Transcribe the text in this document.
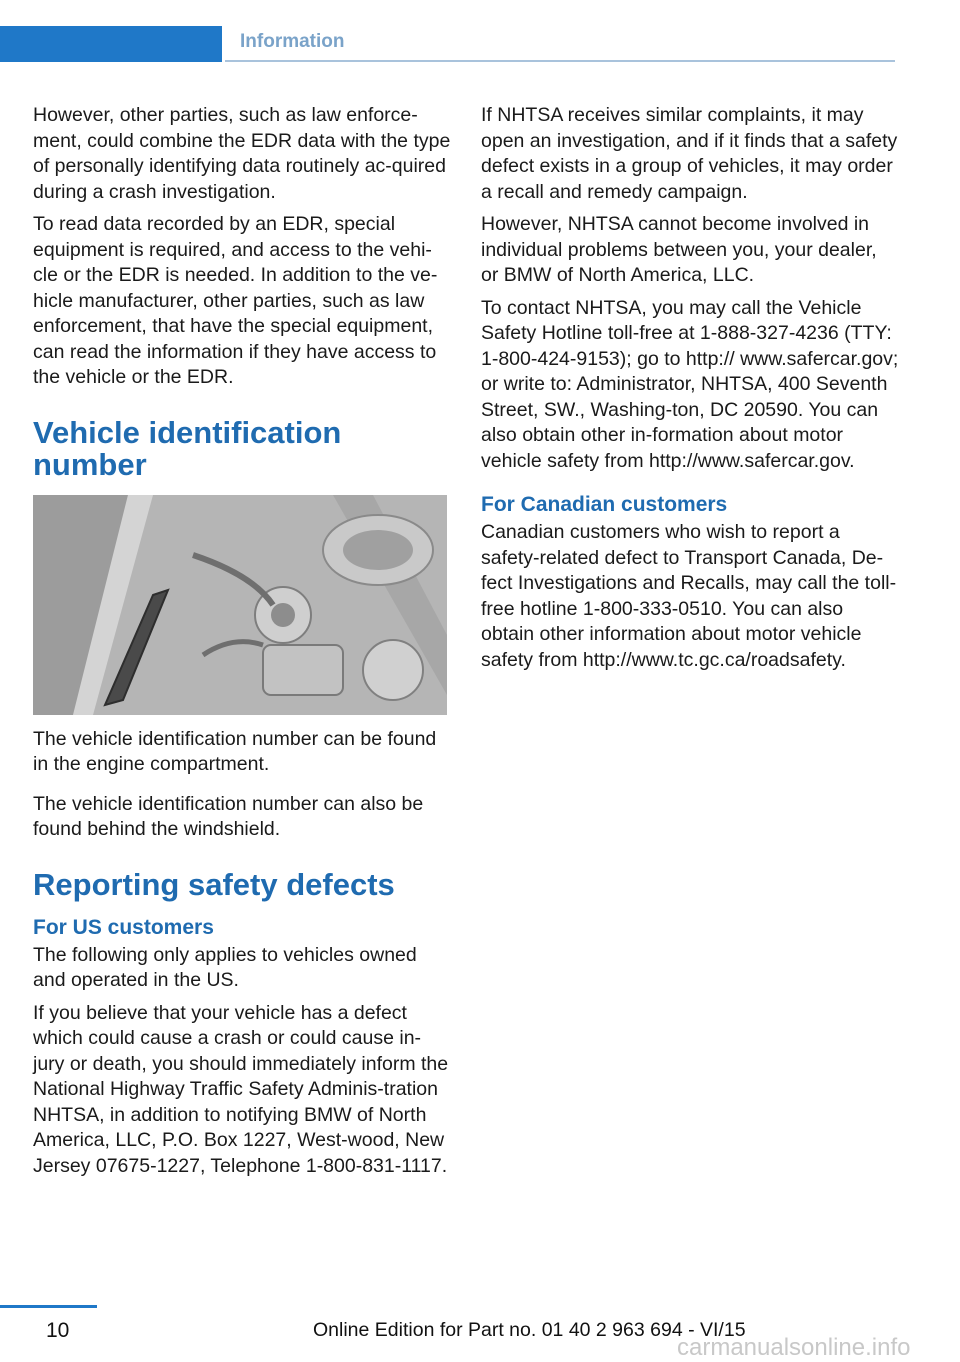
Information

However, other parties, such as law enforce-ment, could combine the EDR data with the type of personally identifying data routinely ac-quired during a crash investigation.

To read data recorded by an EDR, special equipment is required, and access to the vehi-cle or the EDR is needed. In addition to the ve-hicle manufacturer, other parties, such as law enforcement, that have the special equipment, can read the information if they have access to the vehicle or the EDR.

Vehicle identification number

The vehicle identification number can be found in the engine compartment.

The vehicle identification number can also be found behind the windshield.

Reporting safety defects
For US customers

The following only applies to vehicles owned and operated in the US.

If you believe that your vehicle has a defect which could cause a crash or could cause in-jury or death, you should immediately inform the National Highway Traffic Safety Adminis-tration NHTSA, in addition to notifying BMW of North America, LLC, P.O. Box 1227, West-wood, New Jersey 07675-1227, Telephone 1-800-831-1117.

If NHTSA receives similar complaints, it may open an investigation, and if it finds that a safety defect exists in a group of vehicles, it may order a recall and remedy campaign.

However, NHTSA cannot become involved in individual problems between you, your dealer, or BMW of North America, LLC.

To contact NHTSA, you may call the Vehicle Safety Hotline toll-free at 1-888-327-4236 (TTY: 1-800-424-9153); go to http:// www.safercar.gov; or write to: Administrator, NHTSA, 400 Seventh Street, SW., Washing-ton, DC 20590. You can also obtain other in-formation about motor vehicle safety from http://www.safercar.gov.

For Canadian customers

Canadian customers who wish to report a safety-related defect to Transport Canada, De-fect Investigations and Recalls, may call the toll-free hotline 1-800-333-0510. You can also obtain other information about motor vehicle safety from http://www.tc.gc.ca/roadsafety.

10	Online Edition for Part no. 01 40 2 963 694 - VI/15
carmanualsonline.info
